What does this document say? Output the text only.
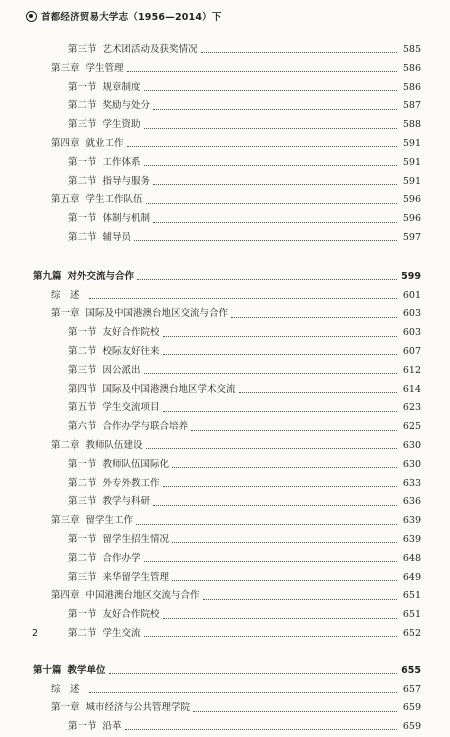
首都经济贸易大学志（1956—2014）下
第三节 艺术团活动及获奖情况	585
第三章 学生管理	586
第一节 规章制度	586
第二节 奖励与处分	587
第三节 学生资助	588
第四章 就业工作	591
第一节 工作体系	591
第二节 指导与服务	591
第五章 学生工作队伍	596
第一节 体制与机制	596
第二节 辅导员	597
第九篇 对外交流与合作	599
综　述	601
第一章 国际及中国港澳台地区交流与合作	603
第一节 友好合作院校	603
第二节 校际友好往来	607
第三节 因公派出	612
第四节 国际及中国港澳台地区学术交流	614
第五节 学生交流项目	623
第六节 合作办学与联合培养	625
第二章 教师队伍建设	630
第一节 教师队伍国际化	630
第二节 外专外教工作	633
第三节 教学与科研	636
第三章 留学生工作	639
第一节 留学生招生情况	639
第二节 合作办学	648
第三节 来华留学生管理	649
第四章 中国港澳台地区交流与合作	651
第一节 友好合作院校	651
第二节 学生交流	652
第十篇 教学单位	655
综　述	657
第一章 城市经济与公共管理学院	659
第一节 沿革	659
2
